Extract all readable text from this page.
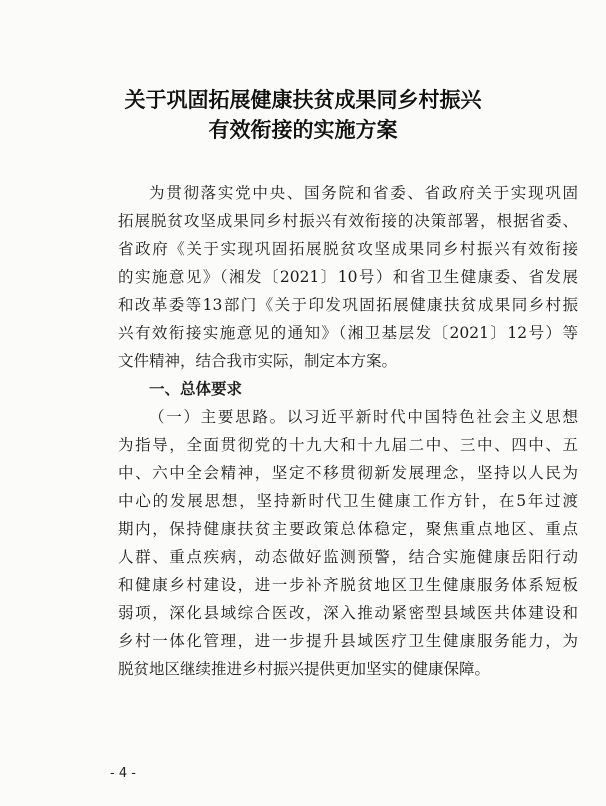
关于巩固拓展健康扶贫成果同乡村振兴
有效衔接的实施方案
为贯彻落实党中央、国务院和省委、省政府关于实现巩固
拓展脱贫攻坚成果同乡村振兴有效衔接的决策部署，根据省委、
省政府《关于实现巩固拓展脱贫攻坚成果同乡村振兴有效衔接
的实施意见》（湘发〔2021〕10号）和省卫生健康委、省发展
和改革委等13部门《关于印发巩固拓展健康扶贫成果同乡村振
兴有效衔接实施意见的通知》（湘卫基层发〔2021〕12号）等
文件精神，结合我市实际，制定本方案。
一、总体要求
（一）主要思路。以习近平新时代中国特色社会主义思想
为指导，全面贯彻党的十九大和十九届二中、三中、四中、五
中、六中全会精神，坚定不移贯彻新发展理念，坚持以人民为
中心的发展思想，坚持新时代卫生健康工作方针，在5年过渡
期内，保持健康扶贫主要政策总体稳定，聚焦重点地区、重点
人群、重点疾病，动态做好监测预警，结合实施健康岳阳行动
和健康乡村建设，进一步补齐脱贫地区卫生健康服务体系短板
弱项，深化县域综合医改，深入推动紧密型县域医共体建设和
乡村一体化管理，进一步提升县域医疗卫生健康服务能力，为
脱贫地区继续推进乡村振兴提供更加坚实的健康保障。
- 4 -
